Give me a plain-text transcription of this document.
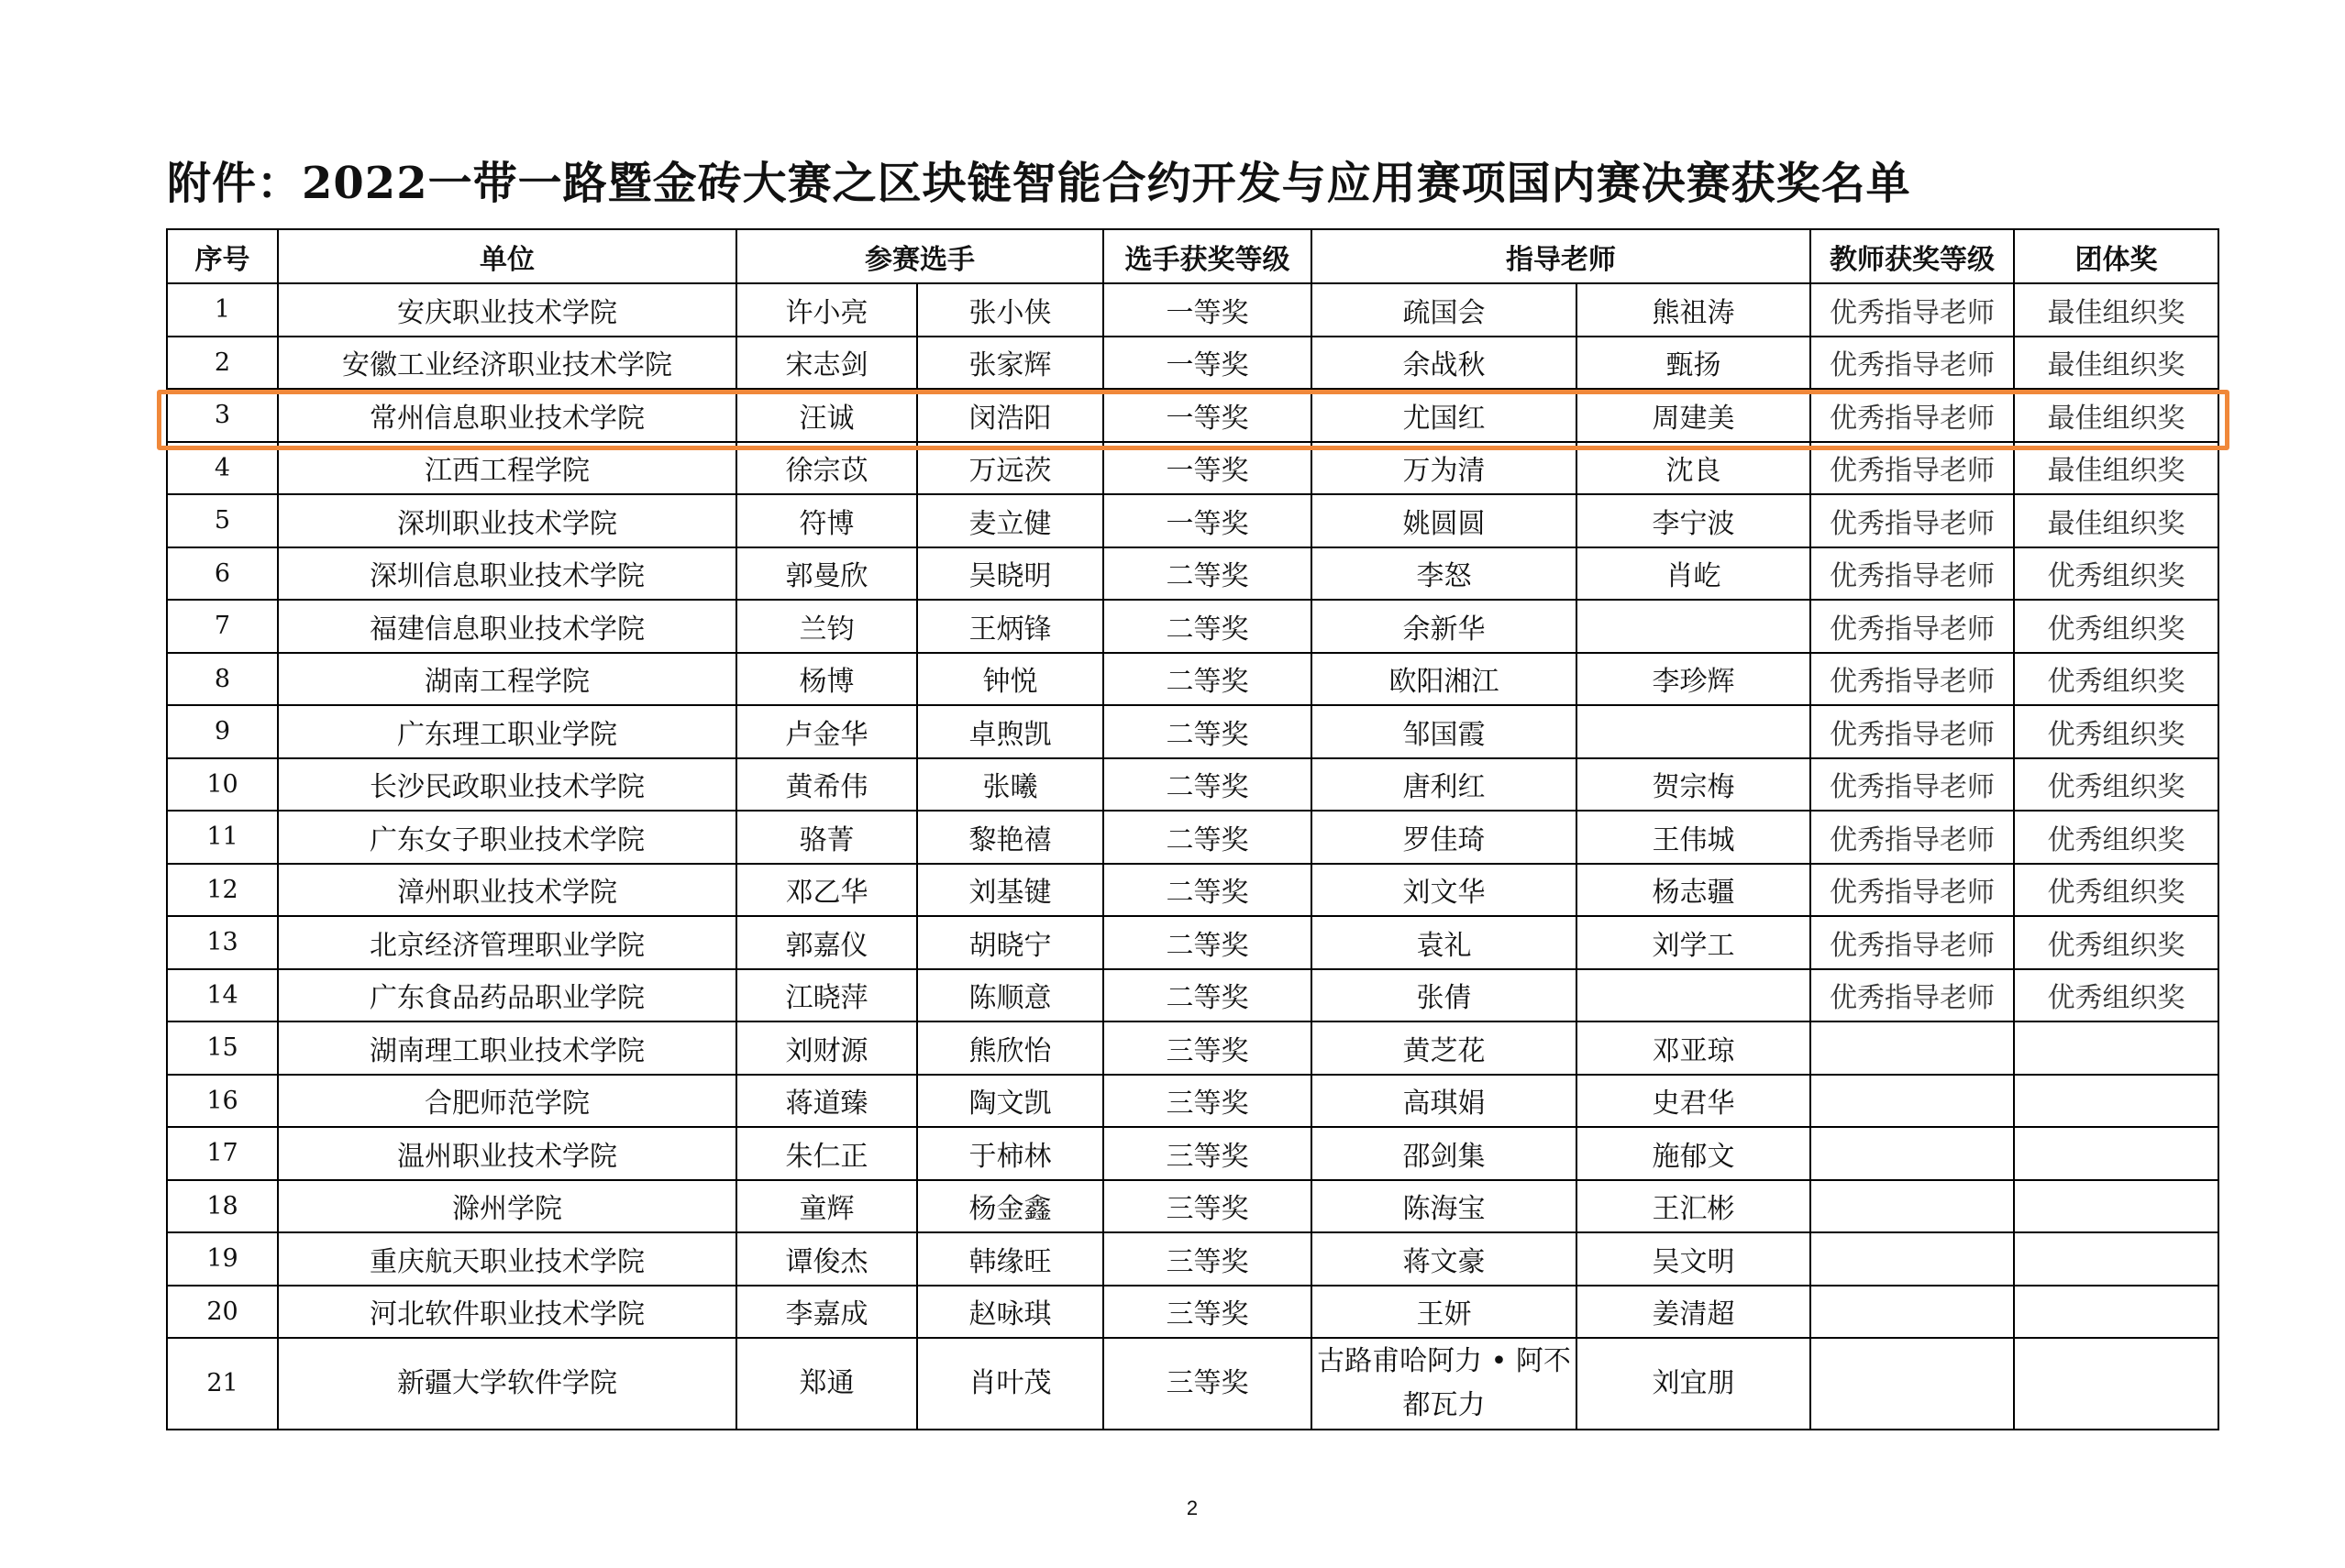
附件：2022一带一路暨金砖大赛之区块链智能合约开发与应用赛项国内赛决赛获奖名单
序号	单位	参赛选手		选手获奖等级	指导老师		教师获奖等级	团体奖
1	安庆职业技术学院	许小亮	张小侠	一等奖	疏国会	熊祖涛	优秀指导老师	最佳组织奖
2	安徽工业经济职业技术学院	宋志剑	张家辉	一等奖	余战秋	甄扬	优秀指导老师	最佳组织奖
3	常州信息职业技术学院	汪诚	闵浩阳	一等奖	尤国红	周建美	优秀指导老师	最佳组织奖
4	江西工程学院	徐宗苡	万远茨	一等奖	万为清	沈良	优秀指导老师	最佳组织奖
5	深圳职业技术学院	符博	麦立健	一等奖	姚圆圆	李宁波	优秀指导老师	最佳组织奖
6	深圳信息职业技术学院	郭曼欣	吴晓明	二等奖	李怒	肖屹	优秀指导老师	优秀组织奖
7	福建信息职业技术学院	兰钧	王炳锋	二等奖	余新华		优秀指导老师	优秀组织奖
8	湖南工程学院	杨博	钟悦	二等奖	欧阳湘江	李珍辉	优秀指导老师	优秀组织奖
9	广东理工职业学院	卢金华	卓煦凯	二等奖	邹国霞		优秀指导老师	优秀组织奖
10	长沙民政职业技术学院	黄希伟	张曦	二等奖	唐利红	贺宗梅	优秀指导老师	优秀组织奖
11	广东女子职业技术学院	骆菁	黎艳禧	二等奖	罗佳琦	王伟城	优秀指导老师	优秀组织奖
12	漳州职业技术学院	邓乙华	刘基键	二等奖	刘文华	杨志疆	优秀指导老师	优秀组织奖
13	北京经济管理职业学院	郭嘉仪	胡晓宁	二等奖	袁礼	刘学工	优秀指导老师	优秀组织奖
14	广东食品药品职业学院	江晓萍	陈顺意	二等奖	张倩		优秀指导老师	优秀组织奖
15	湖南理工职业技术学院	刘财源	熊欣怡	三等奖	黄芝花	邓亚琼		
16	合肥师范学院	蒋道臻	陶文凯	三等奖	高琪娟	史君华		
17	温州职业技术学院	朱仁正	于柿林	三等奖	邵剑集	施郁文		
18	滁州学院	童辉	杨金鑫	三等奖	陈海宝	王汇彬		
19	重庆航天职业技术学院	谭俊杰	韩缘旺	三等奖	蒋文豪	吴文明		
20	河北软件职业技术学院	李嘉成	赵咏琪	三等奖	王妍	姜清超		
21	新疆大学软件学院	郑通	肖叶茂	三等奖	古路甫哈阿力 • 阿不都瓦力	刘宜朋		
2
